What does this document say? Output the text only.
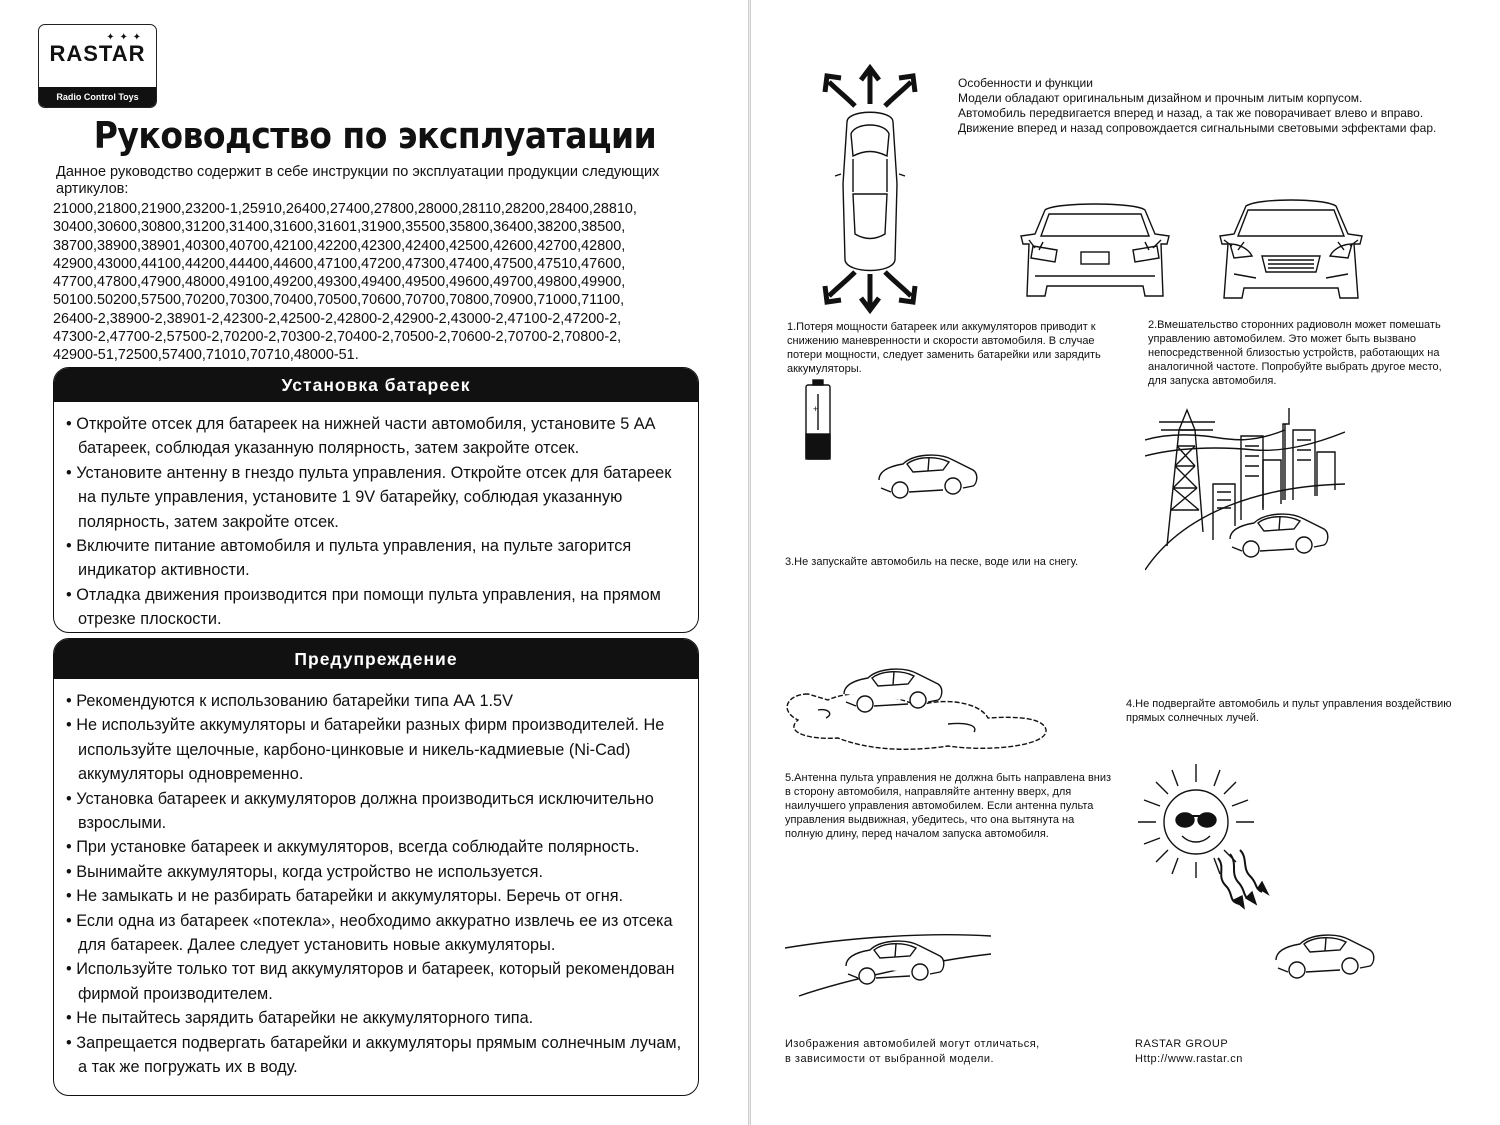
✦ ✦ ✦
RASTAR
Radio Control Toys
Руководство по эксплуатации
Данное руководство содержит в себе инструкции по эксплуатации продукции следующих артикулов:
21000,21800,21900,23200-1,25910,26400,27400,27800,28000,28110,28200,28400,28810,
30400,30600,30800,31200,31400,31600,31601,31900,35500,35800,36400,38200,38500,
38700,38900,38901,40300,40700,42100,42200,42300,42400,42500,42600,42700,42800,
42900,43000,44100,44200,44400,44600,47100,47200,47300,47400,47500,47510,47600,
47700,47800,47900,48000,49100,49200,49300,49400,49500,49600,49700,49800,49900,
50100.50200,57500,70200,70300,70400,70500,70600,70700,70800,70900,71000,71100,
26400-2,38900-2,38901-2,42300-2,42500-2,42800-2,42900-2,43000-2,47100-2,47200-2,
47300-2,47700-2,57500-2,70200-2,70300-2,70400-2,70500-2,70600-2,70700-2,70800-2,
42900-51,72500,57400,71010,70710,48000-51.
Установка батареек

• Откройте отсек для батареек на нижней части автомобиля, установите 5 АА батареек, соблюдая указанную полярность, затем закройте отсек.

• Установите антенну в гнездо пульта управления. Откройте отсек для батареек на пульте управления, установите 1 9V батарейку, соблюдая указанную полярность, затем закройте отсек.

• Включите питание автомобиля и пульта управления, на пульте загорится индикатор активности.

• Отладка движения производится при помощи пульта управления, на прямом отрезке плоскости.

Предупреждение

• Рекомендуются к использованию батарейки типа АА 1.5V

• Не используйте аккумуляторы и батарейки разных фирм производителей. Не используйте щелочные, карбоно-цинковые и никель-кадмиевые (Ni-Cad) аккумуляторы одновременно.

• Установка батареек и аккумуляторов должна производиться исключительно взрослыми.

• При установке батареек и аккумуляторов, всегда соблюдайте полярность.

• Вынимайте аккумуляторы, когда устройство не используется.

• Не замыкать и не разбирать батарейки и аккумуляторы. Беречь от огня.

• Если одна из батареек «потекла», необходимо аккуратно извлечь ее из отсека для батареек. Далее следует установить новые аккумуляторы.

• Используйте только тот вид аккумуляторов и батареек, который рекомендован фирмой производителем.

• Не пытайтесь зарядить батарейки не аккумуляторного типа.

• Запрещается подвергать батарейки и аккумуляторы прямым солнечным лучам, а так же погружать их в воду.

Особенности и функции
Модели обладают оригинальным дизайном и прочным литым корпусом.
Автомобиль передвигается вперед и назад, а так же поворачивает влево и вправо.
Движение вперед и назад сопровождается сигнальными световыми эффектами фар.
1.Потеря мощности батареек или аккумуляторов приводит к снижению маневренности и скорости автомобиля. В случае потери мощности, следует заменить батарейки или зарядить аккумуляторы.
2.Вмешательство сторонних радиоволн может помешать управлению автомобилем. Это может быть вызвано непосредственной близостью устройств, работающих на аналогичной частоте. Попробуйте выбрать другое место, для запуска автомобиля.
+
3.Не запускайте автомобиль на песке, воде или на снегу.
4.Не подвергайте автомобиль и пульт управления воздействию прямых солнечных лучей.
5.Антенна пульта управления не должна быть направлена вниз в сторону автомобиля, направляйте антенну вверх, для наилучшего управления автомобилем. Если антенна пульта управления выдвижная, убедитесь, что она вытянута на полную длину, перед началом запуска автомобиля.
Изображения автомобилей могут отличаться,
в зависимости от выбранной модели.
RASTAR GROUP
Http://www.rastar.cn
